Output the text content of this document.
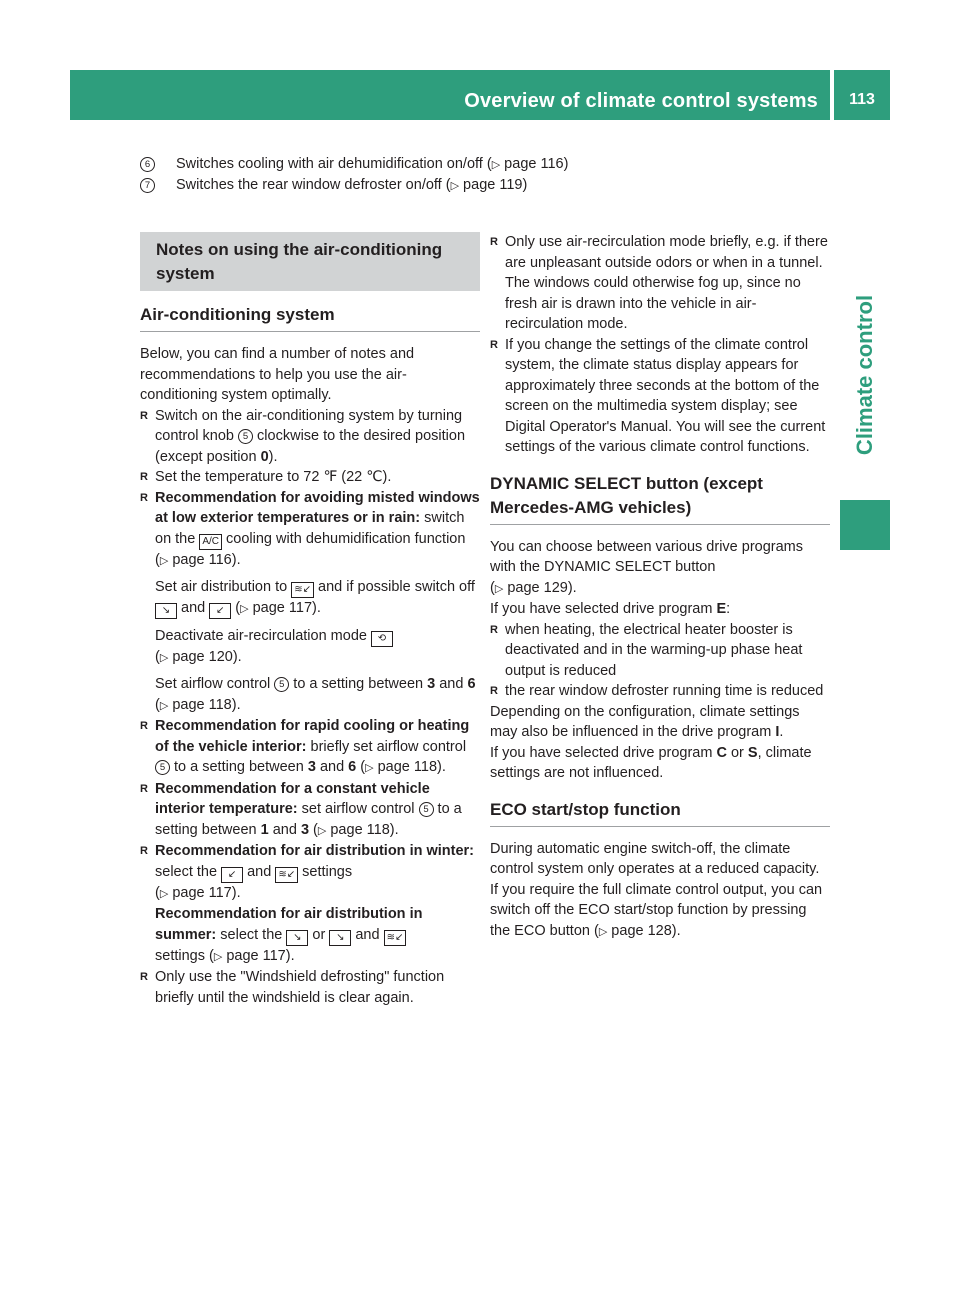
Overview of climate control systems	113
Climate control
6	Switches cooling with air dehumidification on/off (▷ page 116)
7	Switches the rear window defroster on/off (▷ page 119)
Notes on using the air-conditioning system
Air-conditioning system

Below, you can find a number of notes and recommendations to help you use the air-conditioning system optimally.

R Switch on the air-conditioning system by turning control knob 5 clockwise to the desired position (except position 0).
R Set the temperature to 72 ℉ (22 ℃).
R Recommendation for avoiding misted windows at low exterior temperatures or in rain: switch on the A/C cooling with dehumidification function (▷ page 116).
Set air distribution to ≋↙ and if possible switch off ↘ and ↙ (▷ page 117).
Deactivate air-recirculation mode ⟲
(▷ page 120).
Set airflow control 5 to a setting between 3 and 6 (▷ page 118).
R Recommendation for rapid cooling or heating of the vehicle interior: briefly set airflow control 5 to a setting between 3 and 6 (▷ page 118).
R Recommendation for a constant vehicle interior temperature: set airflow control 5 to a setting between 1 and 3 (▷ page 118).
R Recommendation for air distribution in winter: select the ↙ and ≋↙ settings
(▷ page 117).
Recommendation for air distribution in summer: select the ↘ or ↘ and ≋↙
settings (▷ page 117).
R Only use the "Windshield defrosting" function briefly until the windshield is clear again.
R Only use air-recirculation mode briefly, e.g. if there are unpleasant outside odors or when in a tunnel. The windows could otherwise fog up, since no fresh air is drawn into the vehicle in air-recirculation mode.
R If you change the settings of the climate control system, the climate status display appears for approximately three seconds at the bottom of the screen on the multimedia system display; see Digital Operator's Manual. You will see the current settings of the various climate control functions.
DYNAMIC SELECT button (except Mercedes-AMG vehicles)

You can choose between various drive programs with the DYNAMIC SELECT button
(▷ page 129).

If you have selected drive program E:

R when heating, the electrical heater booster is deactivated and in the warming-up phase heat output is reduced
R the rear window defroster running time is reduced

Depending on the configuration, climate settings may also be influenced in the drive program I.

If you have selected drive program C or S, climate settings are not influenced.

ECO start/stop function

During automatic engine switch-off, the climate control system only operates at a reduced capacity. If you require the full climate control output, you can switch off the ECO start/stop function by pressing the ECO button (▷ page 128).
